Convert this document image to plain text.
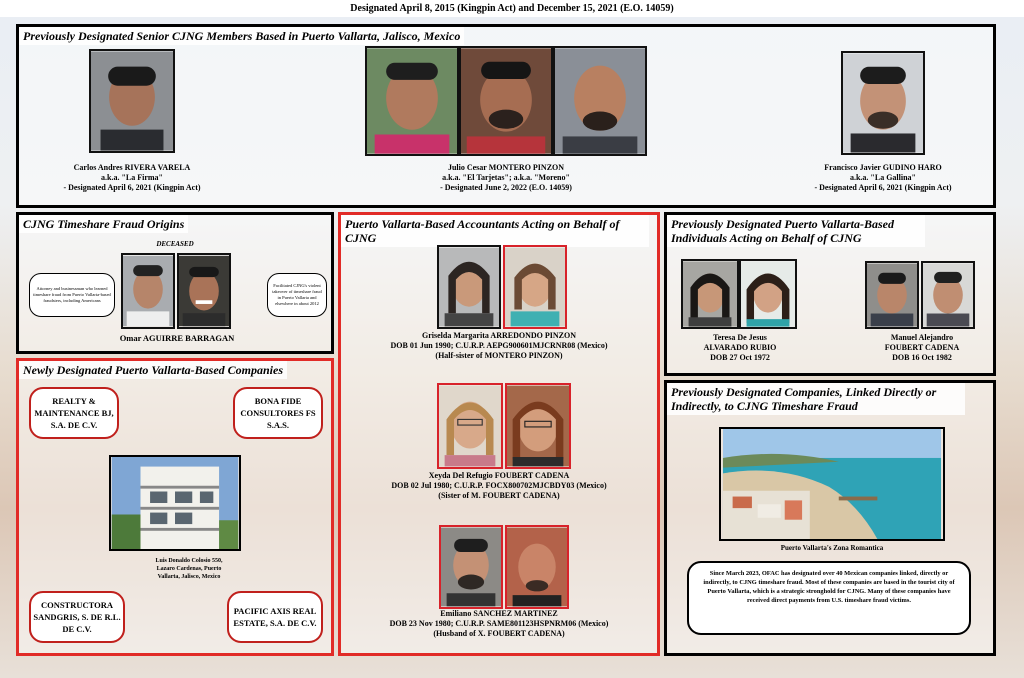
Designated April 8, 2015 (Kingpin Act) and December 15, 2021 (E.O. 14059)
Previously Designated Senior CJNG Members Based in Puerto Vallarta, Jalisco, Mexico
Carlos Andres RIVERA VARELA
a.k.a. "La Firma"
- Designated April 6, 2021 (Kingpin Act)
Julio Cesar MONTERO PINZON
a.k.a. "El Tarjetas"; a.k.a. "Moreno"
- Designated June 2, 2022 (E.O. 14059)
Francisco Javier GUDINO HARO
a.k.a. "La Gallina"
- Designated April 6, 2021 (Kingpin Act)
CJNG Timeshare Fraud Origins
DECEASED
Attorney and businessman who learned timeshare fraud from Puerto Vallarta-based fraudsters, including Americans
Facilitated CJNG's violent takeover of timeshare fraud in Puerto Vallarta and elsewhere in about 2012
Omar AGUIRRE BARRAGAN
Newly Designated Puerto Vallarta-Based Companies
REALTY & MAINTENANCE BJ, S.A. DE C.V.
BONA FIDE CONSULTORES FS S.A.S.
Luis Donaldo Colosio 550, Lazaro Cardenas, Puerto Vallarta, Jalisco, Mexico
CONSTRUCTORA SANDGRIS, S. DE R.L. DE C.V.
PACIFIC AXIS REAL ESTATE, S.A. DE C.V.
Puerto Vallarta-Based Accountants Acting on Behalf of CJNG
Griselda Margarita ARREDONDO PINZON
DOB 01 Jun 1990; C.U.R.P. AEPG900601MJCRNR08 (Mexico)
(Half-sister of MONTERO PINZON)
Xeyda Del Refugio FOUBERT CADENA
DOB 02 Jul 1980; C.U.R.P. FOCX800702MJCBDY03 (Mexico)
(Sister of M. FOUBERT CADENA)
Emiliano SANCHEZ MARTINEZ
DOB 23 Nov 1980; C.U.R.P. SAME801123HSPNRM06 (Mexico)
(Husband of X. FOUBERT CADENA)
Previously Designated Puerto Vallarta-Based Individuals Acting on Behalf of CJNG
Teresa De Jesus
ALVARADO RUBIO
DOB 27 Oct 1972
Manuel Alejandro
FOUBERT CADENA
DOB 16 Oct 1982
Previously Designated Companies, Linked Directly or Indirectly, to CJNG Timeshare Fraud
Puerto Vallarta's Zona Romantica
Since March 2023, OFAC has designated over 40 Mexican companies linked, directly or indirectly, to CJNG timeshare fraud. Most of these companies are based in the tourist city of Puerto Vallarta, which is a strategic stronghold for CJNG. Many of these companies have received direct payments from U.S. timeshare fraud victims.
